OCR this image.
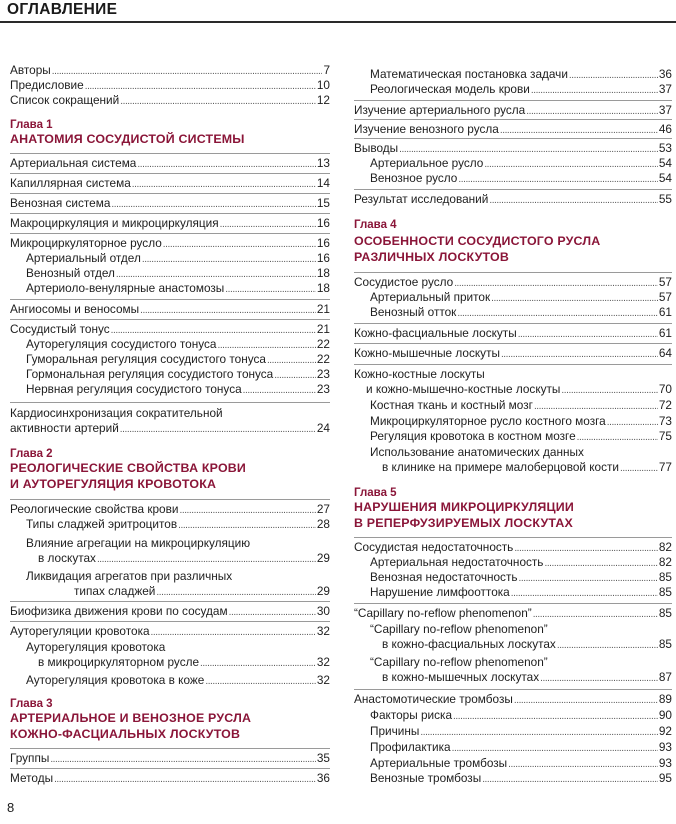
ОГЛАВЛЕНИЕ
Авторы . . .	7
Предисловие . . .	10
Список сокращений . . .	12
Глава 1
АНАТОМИЯ СОСУДИСТОЙ СИСТЕМЫ
Артериальная система . . .	13
Капиллярная система . . .	14
Венозная система . . .	15
Макроциркуляция и микроциркуляция . . .	16
Микроциркуляторное русло . . .	16
Артериальный отдел . . .	16
Венозный отдел . . .	18
Артериоло-венулярные анастомозы . . .	18
Ангиосомы и веносомы . . .	21
Сосудистый тонус . . .	21
Ауторегуляция сосудистого тонуса . . .	22
Гуморальная регуляция сосудистого тонуса . . .	22
Гормональная регуляция сосудистого тонуса . . .	23
Нервная регуляция сосудистого тонуса . . .	23
Кардиосинхронизация сократительной
активности артерий . . .	24
Глава 2
РЕОЛОГИЧЕСКИЕ СВОЙСТВА КРОВИ
И АУТОРЕГУЛЯЦИЯ КРОВОТОКА
Реологические свойства крови . . .	27
Типы сладжей эритроцитов . . .	28
Влияние агрегации на микроциркуляцию
в лоскутах . . .	29
Ликвидация агрегатов при различных
типах сладжей . . .	29
Биофизика движения крови по сосудам . . .	30
Ауторегуляции кровотока . . .	32
Ауторегуляция кровотока
в микроциркуляторном русле . . .	32
Ауторегуляция кровотока в коже . . .	32
Глава 3
АРТЕРИАЛЬНОЕ И ВЕНОЗНОЕ РУСЛА
КОЖНО-ФАСЦИАЛЬНЫХ ЛОСКУТОВ
Группы . . .	35
Методы . . .	36
Математическая постановка задачи . . .	36
Реологическая модель крови . . .	37
Изучение артериального русла . . .	37
Изучение венозного русла . . .	46
Выводы . . .	53
Артериальное русло . . .	54
Венозное русло . . .	54
Результат исследований . . .	55
Глава 4
ОСОБЕННОСТИ СОСУДИСТОГО РУСЛА
РАЗЛИЧНЫХ ЛОСКУТОВ
Сосудистое русло . . .	57
Артериальный приток . . .	57
Венозный отток . . .	61
Кожно-фасциальные лоскуты . . .	61
Кожно-мышечные лоскуты . . .	64
Кожно-костные лоскуты
и кожно-мышечно-костные лоскуты . . .	70
Костная ткань и костный мозг . . .	72
Микроциркуляторное русло костного мозга . . .	73
Регуляция кровотока в костном мозге . . .	75
Использование анатомических данных
в клинике на примере малоберцовой кости . . .	77
Глава 5
НАРУШЕНИЯ МИКРОЦИРКУЛЯЦИИ
В РЕПЕРФУЗИРУЕМЫХ ЛОСКУТАХ
Сосудистая недостаточность . . .	82
Артериальная недостаточность . . .	82
Венозная недостаточность . . .	85
Нарушение лимфооттока . . .	85
“Capillary no-reflow phenomenon” . . .	85
“Capillary no-reflow phenomenon”
в кожно-фасциальных лоскутах . . .	85
“Capillary no-reflow phenomenon”
в кожно-мышечных лоскутах . . .	87
Анастомотические тромбозы . . .	89
Факторы риска . . .	90
Причины . . .	92
Профилактика . . .	93
Артериальные тромбозы . . .	93
Венозные тромбозы . . .	95
8
